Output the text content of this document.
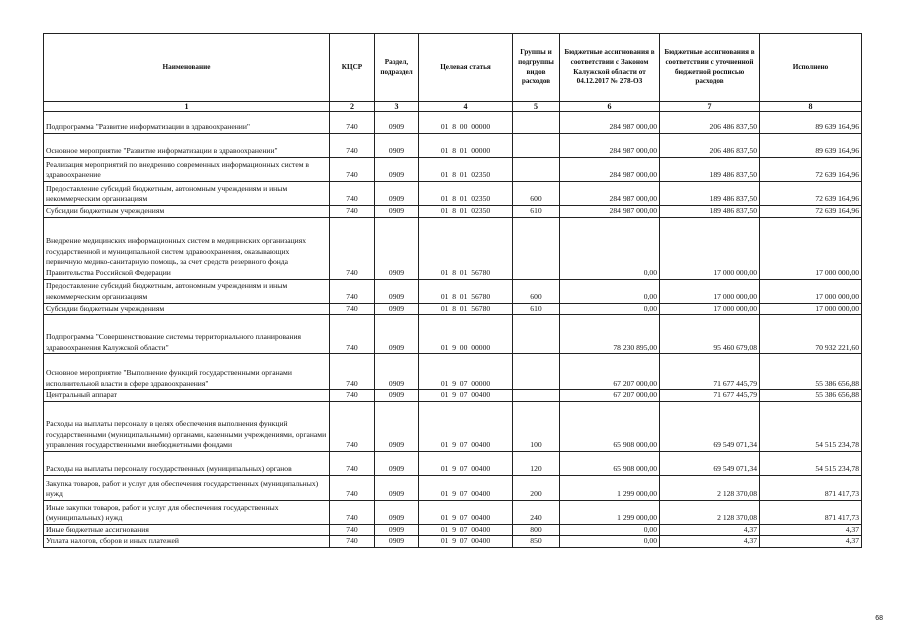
Наименование	КЦСР	Раздел, подраздел	Целевая статья	Группы и подгруппы видов расходов	Бюджетные ассигнования в соответствии с Законом Калужской области от 04.12.2017 № 278-ОЗ	Бюджетные ассигнования в соответствии с уточненной бюджетной росписью расходов	Исполнено
1	2	3	4	5	6	7	8
Подпрограмма "Развитие информатизации в здравоохранении"	740	0909	01  8  00  00000		284 987 000,00	206 486 837,50	89 639 164,96
Основное мероприятие "Развитие информатизации в здравоохранении"	740	0909	01  8  01  00000		284 987 000,00	206 486 837,50	89 639 164,96
Реализация мероприятий по внедрению современных информационных систем в здравоохранение	740	0909	01  8  01  02350		284 987 000,00	189 486 837,50	72 639 164,96
Предоставление субсидий бюджетным, автономным учреждениям и иным некоммерческим организациям	740	0909	01  8  01  02350	600	284 987 000,00	189 486 837,50	72 639 164,96
Субсидии бюджетным учреждениям	740	0909	01  8  01  02350	610	284 987 000,00	189 486 837,50	72 639 164,96
Внедрение медицинских информационных систем в медицинских организациях государственной и муниципальной систем здравоохранения, оказывающих первичную медико-санитарную помощь, за счет средств резервного фонда Правительства Российской Федерации	740	0909	01  8  01  56780		0,00	17 000 000,00	17 000 000,00
Предоставление субсидий бюджетным, автономным учреждениям и иным некоммерческим организациям	740	0909	01  8  01  56780	600	0,00	17 000 000,00	17 000 000,00
Субсидии бюджетным учреждениям	740	0909	01  8  01  56780	610	0,00	17 000 000,00	17 000 000,00
Подпрограмма "Совершенствование системы территориального планирования здравоохранения Калужской области"	740	0909	01  9  00  00000		78 230 895,00	95 460 679,08	70 932 221,60
Основное мероприятие "Выполнение функций государственными органами исполнительной власти в сфере здравоохранения"	740	0909	01  9  07  00000		67 207 000,00	71 677 445,79	55 386 656,88
Центральный аппарат	740	0909	01  9  07  00400		67 207 000,00	71 677 445,79	55 386 656,88
Расходы на выплаты персоналу в целях обеспечения выполнения функций государственными (муниципальными) органами, казенными учреждениями, органами управления государственными внебюджетными фондами	740	0909	01  9  07  00400	100	65 908 000,00	69 549 071,34	54 515 234,78
Расходы на выплаты персоналу государственных (муниципальных) органов	740	0909	01  9  07  00400	120	65 908 000,00	69 549 071,34	54 515 234,78
Закупка товаров, работ и услуг для обеспечения государственных (муниципальных) нужд	740	0909	01  9  07  00400	200	1 299 000,00	2 128 370,08	871 417,73
Иные закупки товаров, работ и услуг для обеспечения государственных (муниципальных) нужд	740	0909	01  9  07  00400	240	1 299 000,00	2 128 370,08	871 417,73
Иные бюджетные ассигнования	740	0909	01  9  07  00400	800	0,00	4,37	4,37
Уплата налогов, сборов и иных платежей	740	0909	01  9  07  00400	850	0,00	4,37	4,37
68
